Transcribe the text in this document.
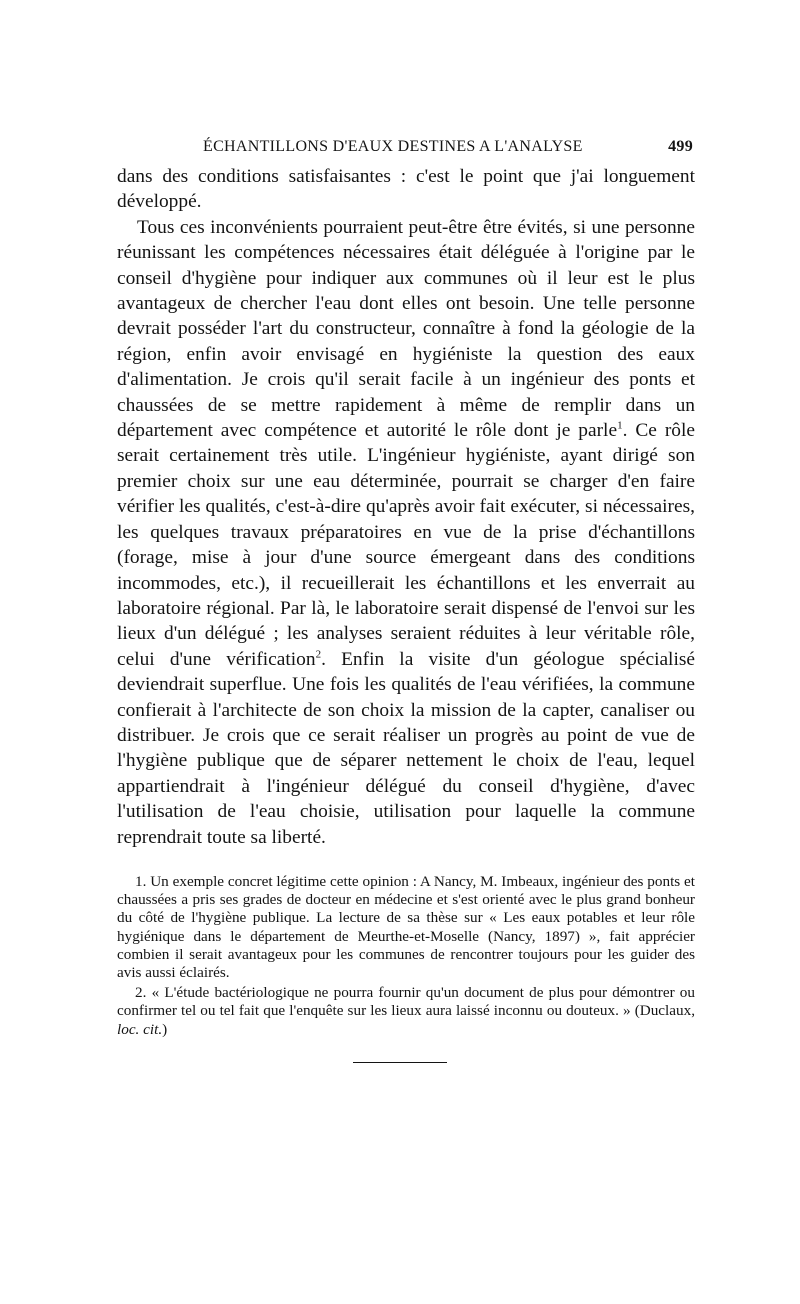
ÉCHANTILLONS D'EAUX DESTINES A L'ANALYSE	499

dans des conditions satisfaisantes : c'est le point que j'ai longuement développé.

Tous ces inconvénients pourraient peut-être être évités, si une personne réunissant les compétences nécessaires était déléguée à l'origine par le conseil d'hygiène pour indiquer aux communes où il leur est le plus avantageux de chercher l'eau dont elles ont besoin. Une telle personne devrait posséder l'art du constructeur, connaître à fond la géologie de la région, enfin avoir envisagé en hygiéniste la question des eaux d'alimentation. Je crois qu'il serait facile à un ingénieur des ponts et chaussées de se mettre rapidement à même de remplir dans un département avec compétence et autorité le rôle dont je parle$^1$. Ce rôle serait certainement très utile. L'ingénieur hygiéniste, ayant dirigé son premier choix sur une eau déterminée, pourrait se charger d'en faire vérifier les qualités, c'est-à-dire qu'après avoir fait exécuter, si nécessaires, les quelques travaux préparatoires en vue de la prise d'échantillons (forage, mise à jour d'une source émergeant dans des conditions incommodes, etc.), il recueillerait les échantillons et les enverrait au laboratoire régional. Par là, le laboratoire serait dispensé de l'envoi sur les lieux d'un délégué ; les analyses seraient réduites à leur véritable rôle, celui d'une vérification$^2$. Enfin la visite d'un géologue spécialisé deviendrait superflue. Une fois les qualités de l'eau vérifiées, la commune confierait à l'architecte de son choix la mission de la capter, canaliser ou distribuer. Je crois que ce serait réaliser un progrès au point de vue de l'hygiène publique que de séparer nettement le choix de l'eau, lequel appartiendrait à l'ingénieur délégué du conseil d'hygiène, d'avec l'utilisation de l'eau choisie, utilisation pour laquelle la commune reprendrait toute sa liberté.

1. Un exemple concret légitime cette opinion : A Nancy, M. Imbeaux, ingénieur des ponts et chaussées a pris ses grades de docteur en médecine et s'est orienté avec le plus grand bonheur du côté de l'hygiène publique. La lecture de sa thèse sur « Les eaux potables et leur rôle hygiénique dans le département de Meurthe-et-Moselle (Nancy, 1897) », fait apprécier combien il serait avantageux pour les communes de rencontrer toujours pour les guider des avis aussi éclairés.

2. « L'étude bactériologique ne pourra fournir qu'un document de plus pour démontrer ou confirmer tel ou tel fait que l'enquête sur les lieux aura laissé inconnu ou douteux. » (Duclaux, loc. cit.)
